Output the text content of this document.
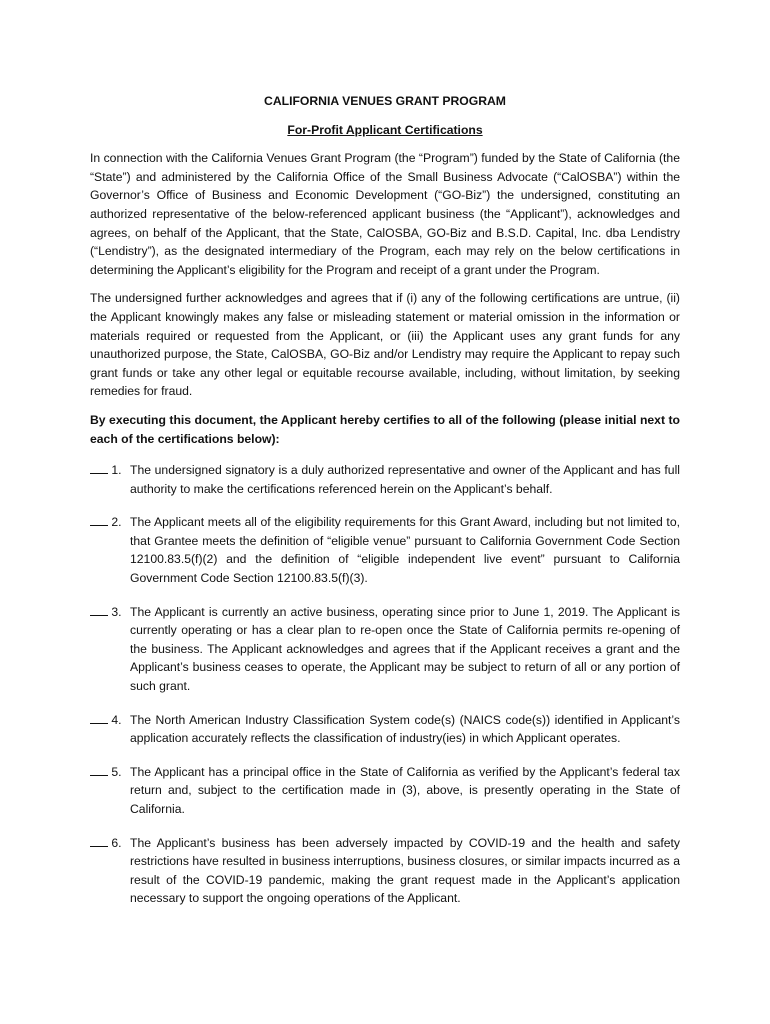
CALIFORNIA VENUES GRANT PROGRAM
For-Profit Applicant Certifications

In connection with the California Venues Grant Program (the “Program”) funded by the State of California (the “State”) and administered by the California Office of the Small Business Advocate (“CalOSBA”) within the Governor’s Office of Business and Economic Development (“GO-Biz”) the undersigned, constituting an authorized representative of the below-referenced applicant business (the “Applicant”), acknowledges and agrees, on behalf of the Applicant, that the State, CalOSBA, GO-Biz and B.S.D. Capital, Inc. dba Lendistry (“Lendistry”), as the designated intermediary of the Program, each may rely on the below certifications in determining the Applicant’s eligibility for the Program and receipt of a grant under the Program.

The undersigned further acknowledges and agrees that if (i) any of the following certifications are untrue, (ii) the Applicant knowingly makes any false or misleading statement or material omission in the information or materials required or requested from the Applicant, or (iii) the Applicant uses any grant funds for any unauthorized purpose, the State, CalOSBA, GO-Biz and/or Lendistry may require the Applicant to repay such grant funds or take any other legal or equitable recourse available, including, without limitation, by seeking remedies for fraud.

By executing this document, the Applicant hereby certifies to all of the following (please initial next to each of the certifications below):

1. The undersigned signatory is a duly authorized representative and owner of the Applicant and has full authority to make the certifications referenced herein on the Applicant’s behalf.
2. The Applicant meets all of the eligibility requirements for this Grant Award, including but not limited to, that Grantee meets the definition of “eligible venue” pursuant to California Government Code Section 12100.83.5(f)(2) and the definition of “eligible independent live event” pursuant to California Government Code Section 12100.83.5(f)(3).
3. The Applicant is currently an active business, operating since prior to June 1, 2019. The Applicant is currently operating or has a clear plan to re-open once the State of California permits re-opening of the business. The Applicant acknowledges and agrees that if the Applicant receives a grant and the Applicant’s business ceases to operate, the Applicant may be subject to return of all or any portion of such grant.
4. The North American Industry Classification System code(s) (NAICS code(s)) identified in Applicant’s application accurately reflects the classification of industry(ies) in which Applicant operates.
5. The Applicant has a principal office in the State of California as verified by the Applicant’s federal tax return and, subject to the certification made in (3), above, is presently operating in the State of California.
6. The Applicant’s business has been adversely impacted by COVID-19 and the health and safety restrictions have resulted in business interruptions, business closures, or similar impacts incurred as a result of the COVID-19 pandemic, making the grant request made in the Applicant’s application necessary to support the ongoing operations of the Applicant.
